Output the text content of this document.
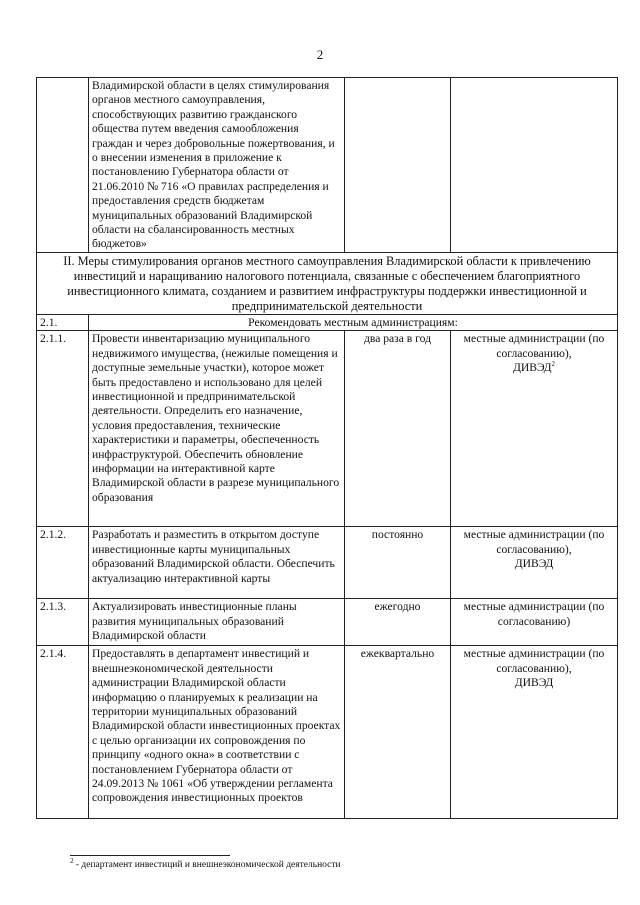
2
	Владимирской области в целях стимулирования органов местного самоуправления, способствующих развитию гражданского общества путем введения самообложения граждан и через добровольные пожертвования, и о внесении изменения в приложение к постановлению Губернатора области от 21.06.2010 № 716 «О правилах распределения и предоставления средств бюджетам муниципальных образований Владимирской области на сбалансированность местных бюджетов»		
II. Меры стимулирования органов местного самоуправления Владимирской области к привлечению инвестиций и наращиванию налогового потенциала, связанные с обеспечением благоприятного инвестиционного климата, созданием и развитием инфраструктуры поддержки инвестиционной и предпринимательской деятельности			
2.1.	Рекомендовать местным администрациям:		
2.1.1.	Провести инвентаризацию муниципального недвижимого имущества, (нежилые помещения и доступные земельные участки), которое может быть предоставлено и использовано для целей инвестиционной и предпринимательской деятельности. Определить его назначение, условия предоставления, технические характеристики и параметры, обеспеченность инфраструктурой. Обеспечить обновление информации на интерактивной карте Владимирской области в разрезе муниципального образования	два раза в год	местные администрации (по согласованию),
ДИВЭД$^2$
2.1.2.	Разработать и разместить в открытом доступе инвестиционные карты муниципальных образований Владимирской области. Обеспечить актуализацию интерактивной карты	постоянно	местные администрации (по согласованию),
ДИВЭД
2.1.3.	Актуализировать инвестиционные планы развития муниципальных образований Владимирской области	ежегодно	местные администрации (по согласованию)
2.1.4.	Предоставлять в департамент инвестиций и внешнеэкономической деятельности администрации Владимирской области информацию о планируемых к реализации на территории муниципальных образований Владимирской области инвестиционных проектах с целью организации их сопровождения по принципу «одного окна» в соответствии с постановлением Губернатора области от 24.09.2013 № 1061 «Об утверждении регламента сопровождения инвестиционных проектов	ежеквартально	местные администрации (по согласованию),
ДИВЭД
$^2$ - департамент инвестиций и внешнеэкономической деятельности
